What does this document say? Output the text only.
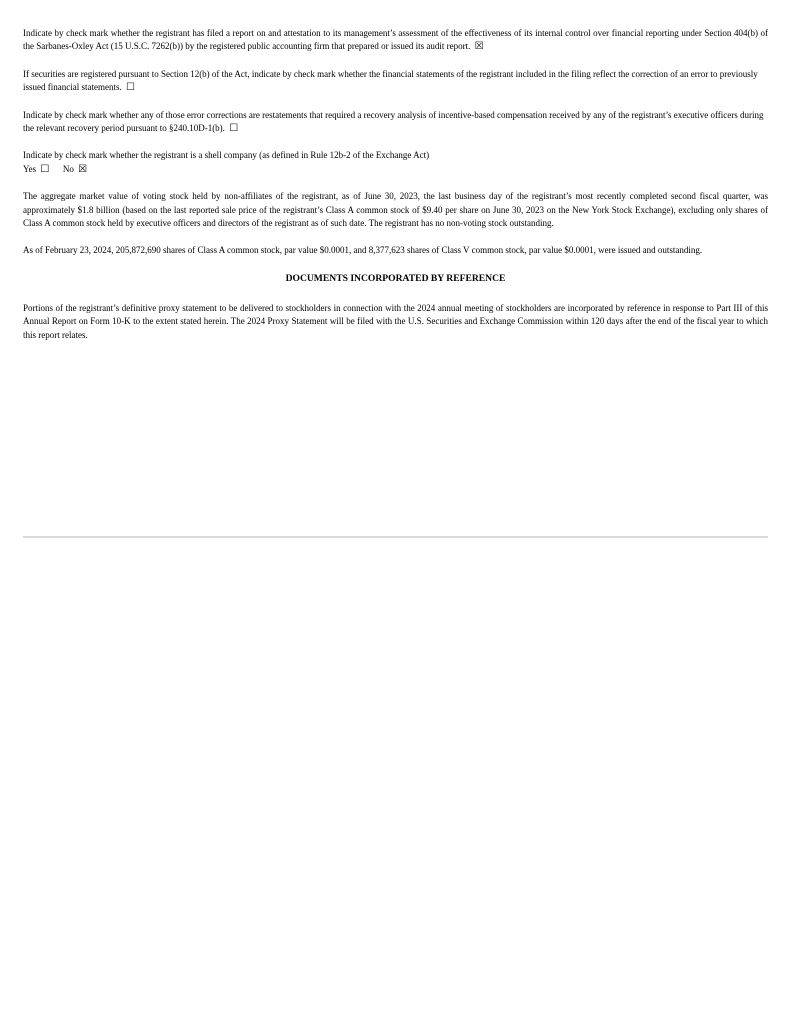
Indicate by check mark whether the registrant has filed a report on and attestation to its management’s assessment of the effectiveness of its internal control over financial reporting under Section 404(b) of the Sarbanes-Oxley Act (15 U.S.C. 7262(b)) by the registered public accounting firm that prepared or issued its audit report. ☒

If securities are registered pursuant to Section 12(b) of the Act, indicate by check mark whether the financial statements of the registrant included in the filing reflect the correction of an error to previously issued financial statements. ☐

Indicate by check mark whether any of those error corrections are restatements that required a recovery analysis of incentive-based compensation received by any of the registrant’s executive officers during the relevant recovery period pursuant to §240.10D-1(b). ☐

Indicate by check mark whether the registrant is a shell company (as defined in Rule 12b-2 of the Exchange Act)
Yes ☐ No ☒

The aggregate market value of voting stock held by non-affiliates of the registrant, as of June 30, 2023, the last business day of the registrant’s most recently completed second fiscal quarter, was approximately $1.8 billion (based on the last reported sale price of the registrant’s Class A common stock of $9.40 per share on June 30, 2023 on the New York Stock Exchange), excluding only shares of Class A common stock held by executive officers and directors of the registrant as of such date. The registrant has no non-voting stock outstanding.

As of February 23, 2024, 205,872,690 shares of Class A common stock, par value $0.0001, and 8,377,623 shares of Class V common stock, par value $0.0001, were issued and outstanding.

DOCUMENTS INCORPORATED BY REFERENCE

Portions of the registrant’s definitive proxy statement to be delivered to stockholders in connection with the 2024 annual meeting of stockholders are incorporated by reference in response to Part III of this Annual Report on Form 10-K to the extent stated herein. The 2024 Proxy Statement will be filed with the U.S. Securities and Exchange Commission within 120 days after the end of the fiscal year to which this report relates.
